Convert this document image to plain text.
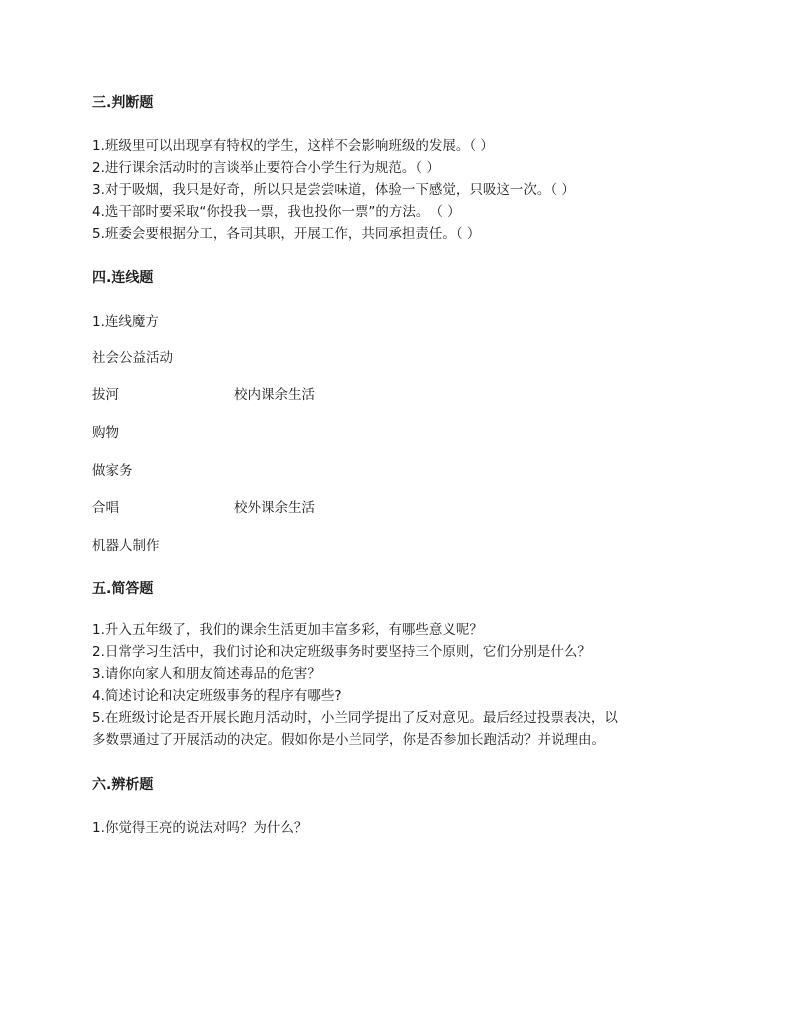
三.判断题
1.班级里可以出现享有特权的学生，这样不会影响班级的发展。（ ）
2.进行课余活动时的言谈举止要符合小学生行为规范。（ ）
3.对于吸烟，我只是好奇，所以只是尝尝味道，体验一下感觉，只吸这一次。（ ）
4.选干部时要采取“你投我一票，我也投你一票”的方法。　（ ）
5.班委会要根据分工，各司其职，开展工作，共同承担责任。（ ）
四.连线题
1.连线魔方
社会公益活动
拔河	校内课余生活
购物
做家务
合唱	校外课余生活
机器人制作
五.简答题
1.升入五年级了，我们的课余生活更加丰富多彩，有哪些意义呢？
2.日常学习生活中，我们讨论和决定班级事务时要坚持三个原则，它们分别是什么？
3.请你向家人和朋友简述毒品的危害？
4.简述讨论和决定班级事务的程序有哪些?
5.在班级讨论是否开展长跑月活动时，小兰同学提出了反对意见。最后经过投票表决，以
多数票通过了开展活动的决定。假如你是小兰同学，你是否参加长跑活动？并说理由。
六.辨析题
1.你觉得王亮的说法对吗？为什么？
